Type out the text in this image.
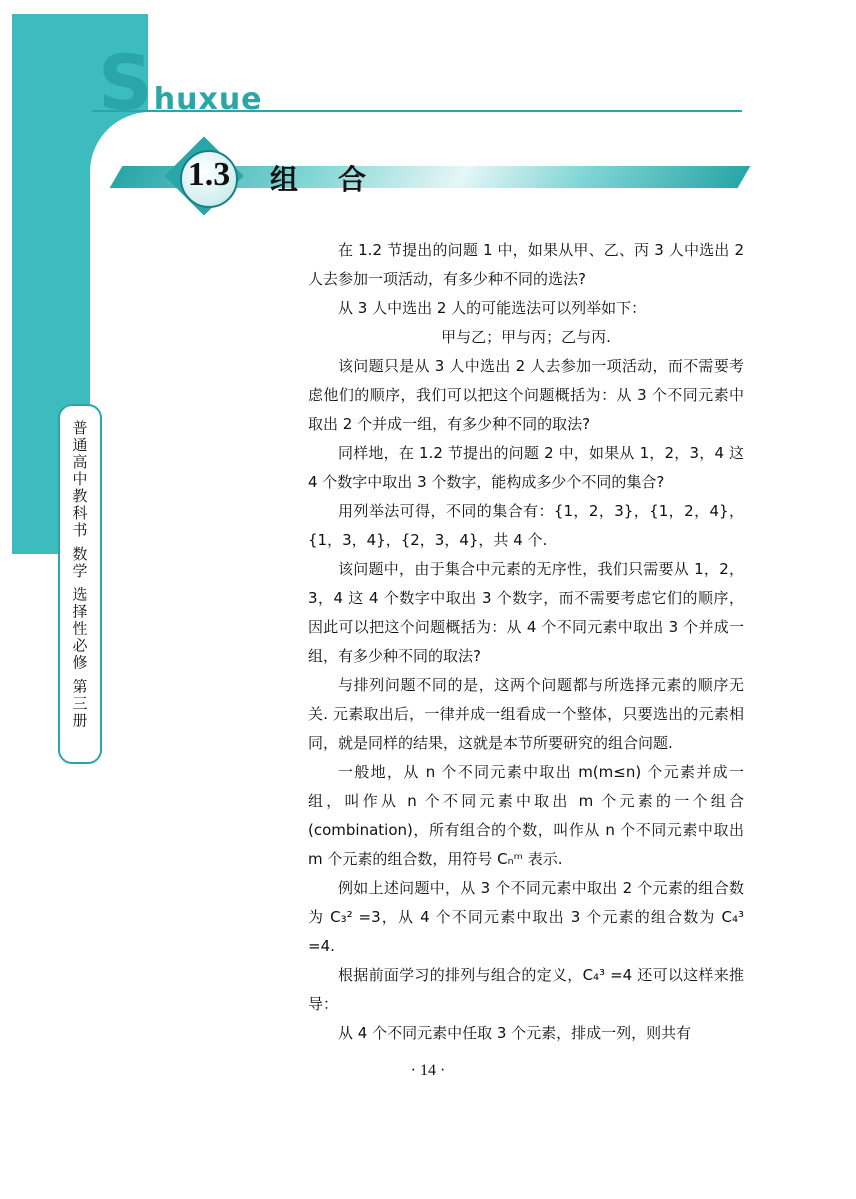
Shuxue
1.3	组合
普通高中教科书 数学 选择性必修 第三册

在 1.2 节提出的问题 1 中，如果从甲、乙、丙 3 人中选出 2 人去参加一项活动，有多少种不同的选法?

从 3 人中选出 2 人的可能选法可以列举如下：

甲与乙；甲与丙；乙与丙.

该问题只是从 3 人中选出 2 人去参加一项活动，而不需要考虑他们的顺序，我们可以把这个问题概括为：从 3 个不同元素中取出 2 个并成一组，有多少种不同的取法?

同样地，在 1.2 节提出的问题 2 中，如果从 1，2，3，4 这 4 个数字中取出 3 个数字，能构成多少个不同的集合?

用列举法可得，不同的集合有：{1，2，3}，{1，2，4}，{1，3，4}，{2，3，4}，共 4 个.

该问题中，由于集合中元素的无序性，我们只需要从 1，2，3，4 这 4 个数字中取出 3 个数字，而不需要考虑它们的顺序，因此可以把这个问题概括为：从 4 个不同元素中取出 3 个并成一组，有多少种不同的取法?

与排列问题不同的是，这两个问题都与所选择元素的顺序无关. 元素取出后，一律并成一组看成一个整体，只要选出的元素相同，就是同样的结果，这就是本节所要研究的组合问题.

一般地，从 n 个不同元素中取出 m(m≤n) 个元素并成一组，叫作从 n 个不同元素中取出 m 个元素的一个组合(combination)，所有组合的个数，叫作从 n 个不同元素中取出 m 个元素的组合数，用符号 Cₙᵐ 表示.

例如上述问题中，从 3 个不同元素中取出 2 个元素的组合数为 C₃² =3，从 4 个不同元素中取出 3 个元素的组合数为 C₄³ =4.

根据前面学习的排列与组合的定义，C₄³ =4 还可以这样来推导：

从 4 个不同元素中任取 3 个元素，排成一列，则共有

· 14 ·
